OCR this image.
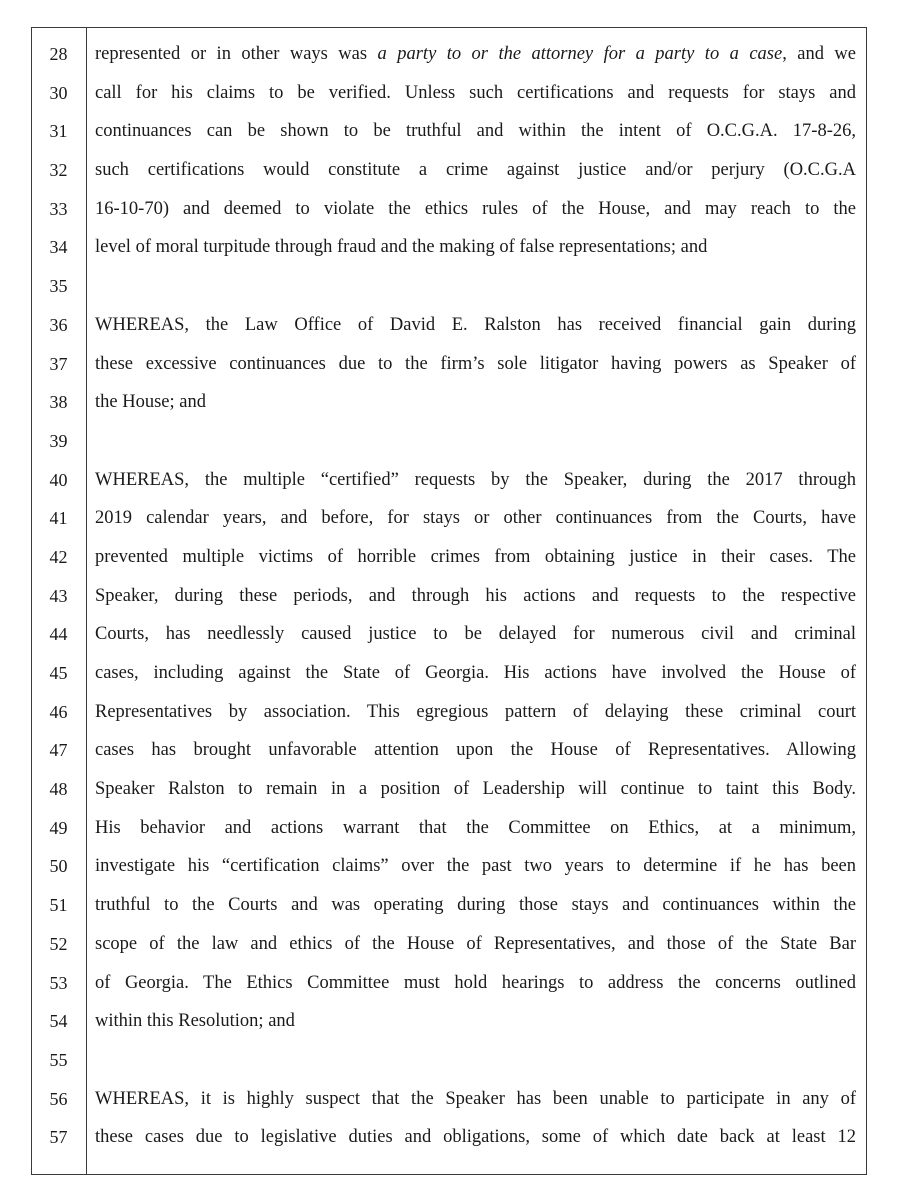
28	represented or in other ways was a party to or the attorney for a party to a case, and we
30	call for his claims to be verified. Unless such certifications and requests for stays and
31	continuances can be shown to be truthful and within the intent of O.C.G.A. 17-8-26,
32	such certifications would constitute a crime against justice and/or perjury (O.C.G.A
33	16-10-70) and deemed to violate the ethics rules of the House, and may reach to the
34	level of moral turpitude through fraud and the making of false representations; and
35
36	WHEREAS, the Law Office of David E. Ralston has received financial gain during
37	these excessive continuances due to the firm’s sole litigator having powers as Speaker of
38	the House; and
39
40	WHEREAS, the multiple “certified” requests by the Speaker, during the 2017 through
41	2019 calendar years, and before, for stays or other continuances from the Courts, have
42	prevented multiple victims of horrible crimes from obtaining justice in their cases. The
43	Speaker, during these periods, and through his actions and requests to the respective
44	Courts, has needlessly caused justice to be delayed for numerous civil and criminal
45	cases, including against the State of Georgia. His actions have involved the House of
46	Representatives by association. This egregious pattern of delaying these criminal court
47	cases has brought unfavorable attention upon the House of Representatives. Allowing
48	Speaker Ralston to remain in a position of Leadership will continue to taint this Body.
49	His behavior and actions warrant that the Committee on Ethics, at a minimum,
50	investigate his “certification claims” over the past two years to determine if he has been
51	truthful to the Courts and was operating during those stays and continuances within the
52	scope of the law and ethics of the House of Representatives, and those of the State Bar
53	of Georgia. The Ethics Committee must hold hearings to address the concerns outlined
54	within this Resolution; and
55
56	WHEREAS, it is highly suspect that the Speaker has been unable to participate in any of
57	these cases due to legislative duties and obligations, some of which date back at least 12
